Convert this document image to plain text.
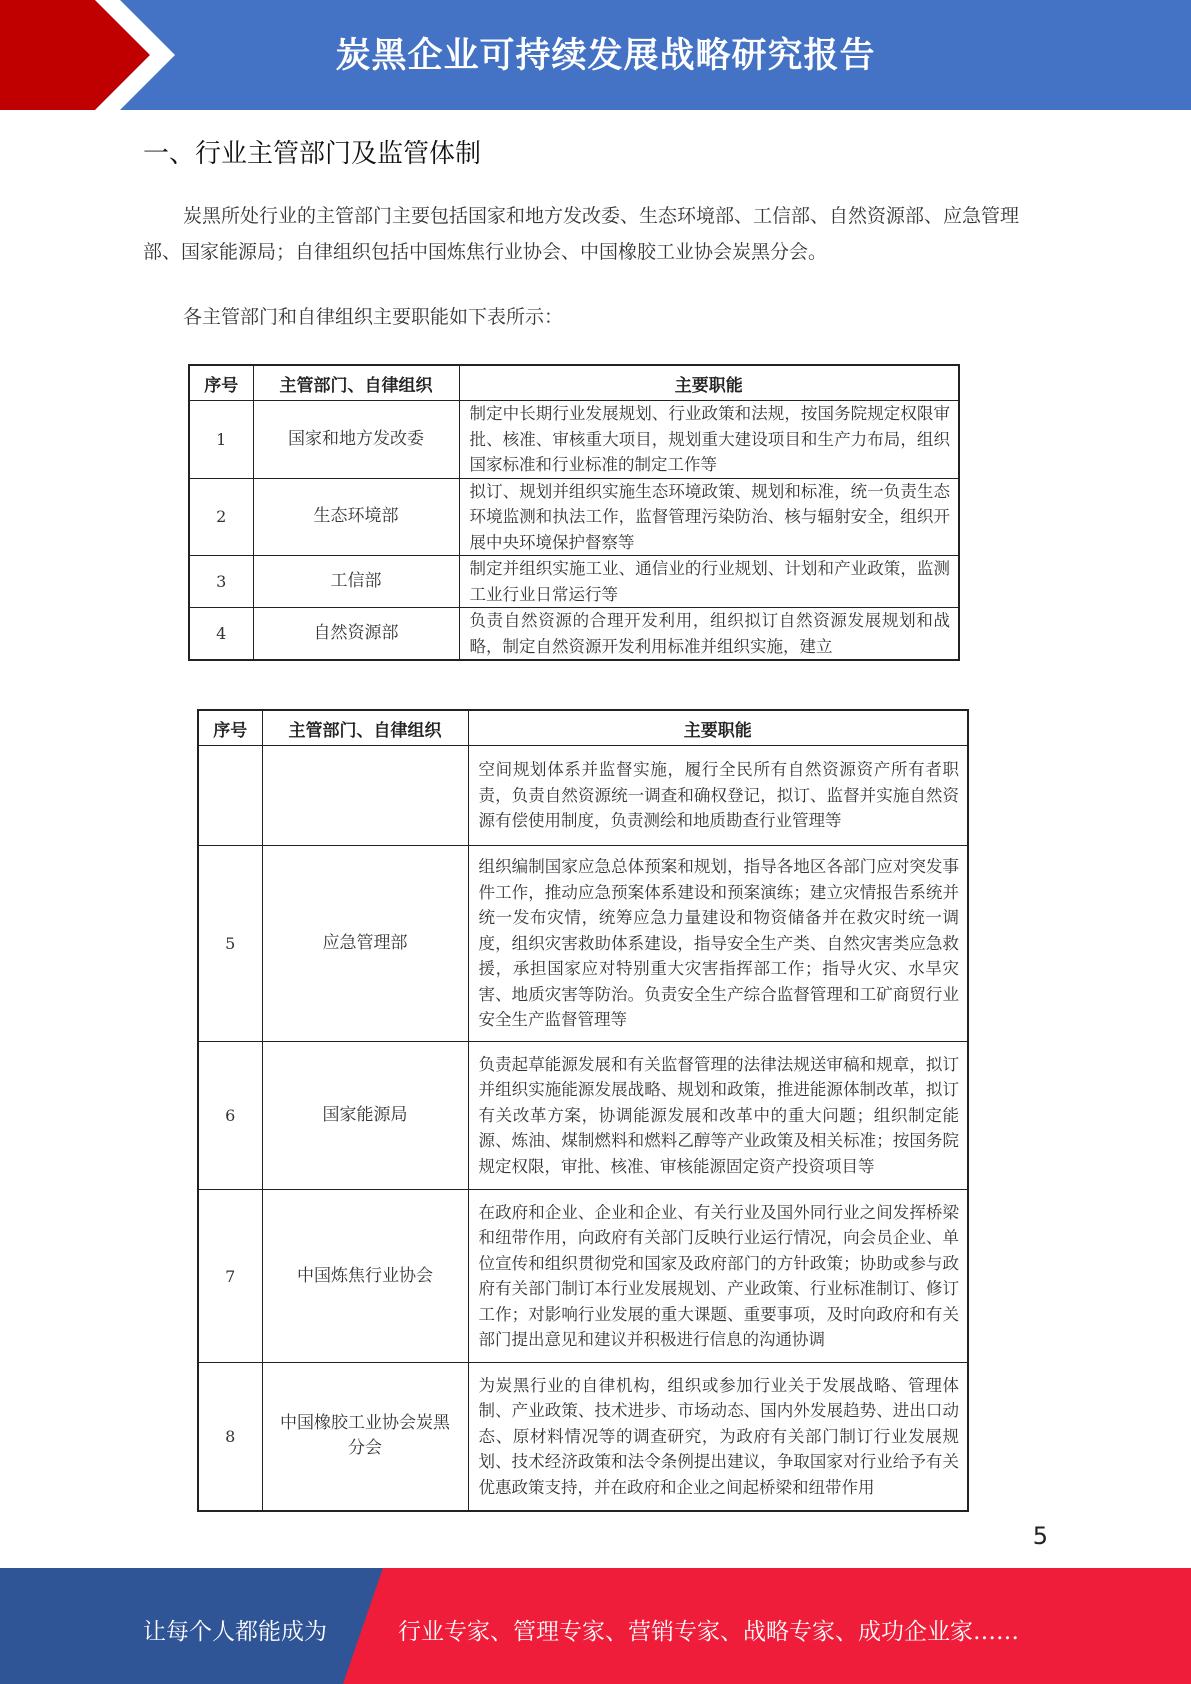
炭黑企业可持续发展战略研究报告
一、行业主管部门及监管体制
炭黑所处行业的主管部门主要包括国家和地方发改委、生态环境部、工信部、自然资源部、应急管理部、国家能源局；自律组织包括中国炼焦行业协会、中国橡胶工业协会炭黑分会。
各主管部门和自律组织主要职能如下表所示：
序号	主管部门、自律组织	主要职能
1	国家和地方发改委	制定中长期行业发展规划、行业政策和法规，按国务院规定权限审批、核准、审核重大项目，规划重大建设项目和生产力布局，组织国家标准和行业标准的制定工作等
2	生态环境部	拟订、规划并组织实施生态环境政策、规划和标准，统一负责生态环境监测和执法工作，监督管理污染防治、核与辐射安全，组织开展中央环境保护督察等
3	工信部	制定并组织实施工业、通信业的行业规划、计划和产业政策，监测工业行业日常运行等
4	自然资源部	负责自然资源的合理开发利用，组织拟订自然资源发展规划和战略，制定自然资源开发利用标准并组织实施，建立
序号	主管部门、自律组织	主要职能
		空间规划体系并监督实施，履行全民所有自然资源资产所有者职责，负责自然资源统一调查和确权登记，拟订、监督并实施自然资源有偿使用制度，负责测绘和地质勘查行业管理等
5	应急管理部	组织编制国家应急总体预案和规划，指导各地区各部门应对突发事件工作，推动应急预案体系建设和预案演练；建立灾情报告系统并统一发布灾情，统筹应急力量建设和物资储备并在救灾时统一调度，组织灾害救助体系建设，指导安全生产类、自然灾害类应急救援，承担国家应对特别重大灾害指挥部工作；指导火灾、水旱灾害、地质灾害等防治。负责安全生产综合监督管理和工矿商贸行业安全生产监督管理等
6	国家能源局	负责起草能源发展和有关监督管理的法律法规送审稿和规章，拟订并组织实施能源发展战略、规划和政策，推进能源体制改革，拟订有关改革方案，协调能源发展和改革中的重大问题；组织制定能源、炼油、煤制燃料和燃料乙醇等产业政策及相关标准；按国务院规定权限，审批、核准、审核能源固定资产投资项目等
7	中国炼焦行业协会	在政府和企业、企业和企业、有关行业及国外同行业之间发挥桥梁和纽带作用，向政府有关部门反映行业运行情况，向会员企业、单位宣传和组织贯彻党和国家及政府部门的方针政策；协助或参与政府有关部门制订本行业发展规划、产业政策、行业标准制订、修订工作；对影响行业发展的重大课题、重要事项，及时向政府和有关部门提出意见和建议并积极进行信息的沟通协调
8	中国橡胶工业协会炭黑分会	为炭黑行业的自律机构，组织或参加行业关于发展战略、管理体制、产业政策、技术进步、市场动态、国内外发展趋势、进出口动态、原材料情况等的调查研究，为政府有关部门制订行业发展规划、技术经济政策和法令条例提出建议，争取国家对行业给予有关优惠政策支持，并在政府和企业之间起桥梁和纽带作用
5
让每个人都能成为	行业专家、管理专家、营销专家、战略专家、成功企业家……
